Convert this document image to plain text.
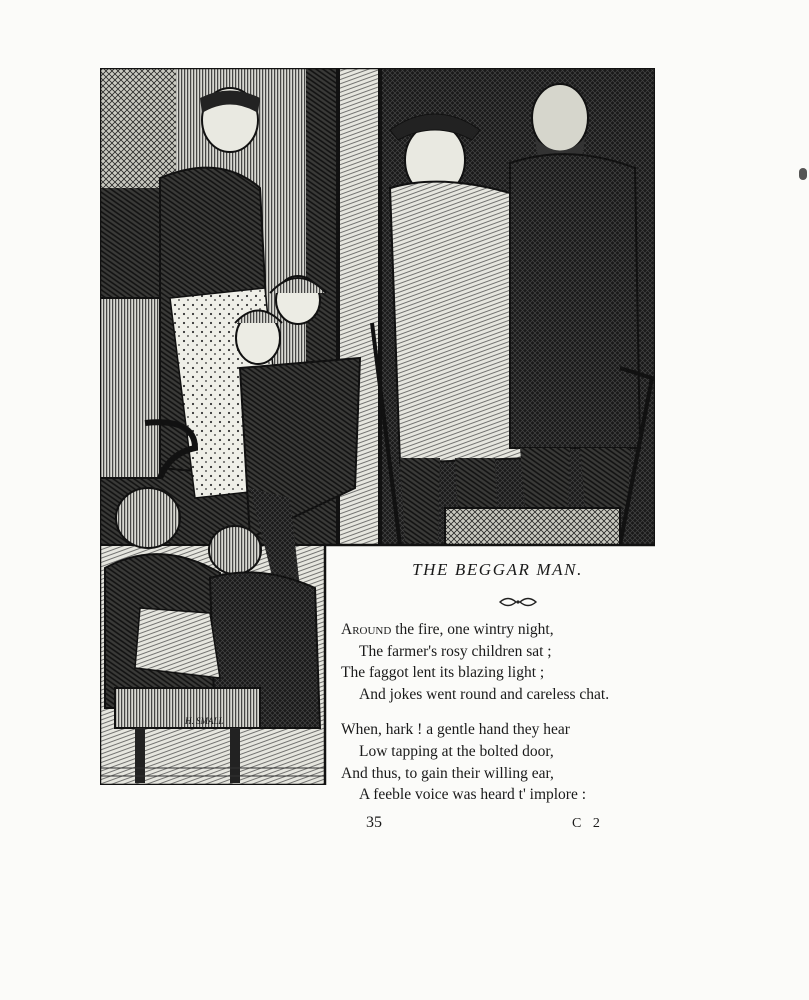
H. SMALL
THE BEGGAR MAN.
Around the fire, one wintry night,
The farmer's rosy children sat ;
The faggot lent its blazing light ;
And jokes went round and careless chat.
When, hark ! a gentle hand they hear
Low tapping at the bolted door,
And thus, to gain their willing ear,
A feeble voice was heard t' implore :
35	C 2
